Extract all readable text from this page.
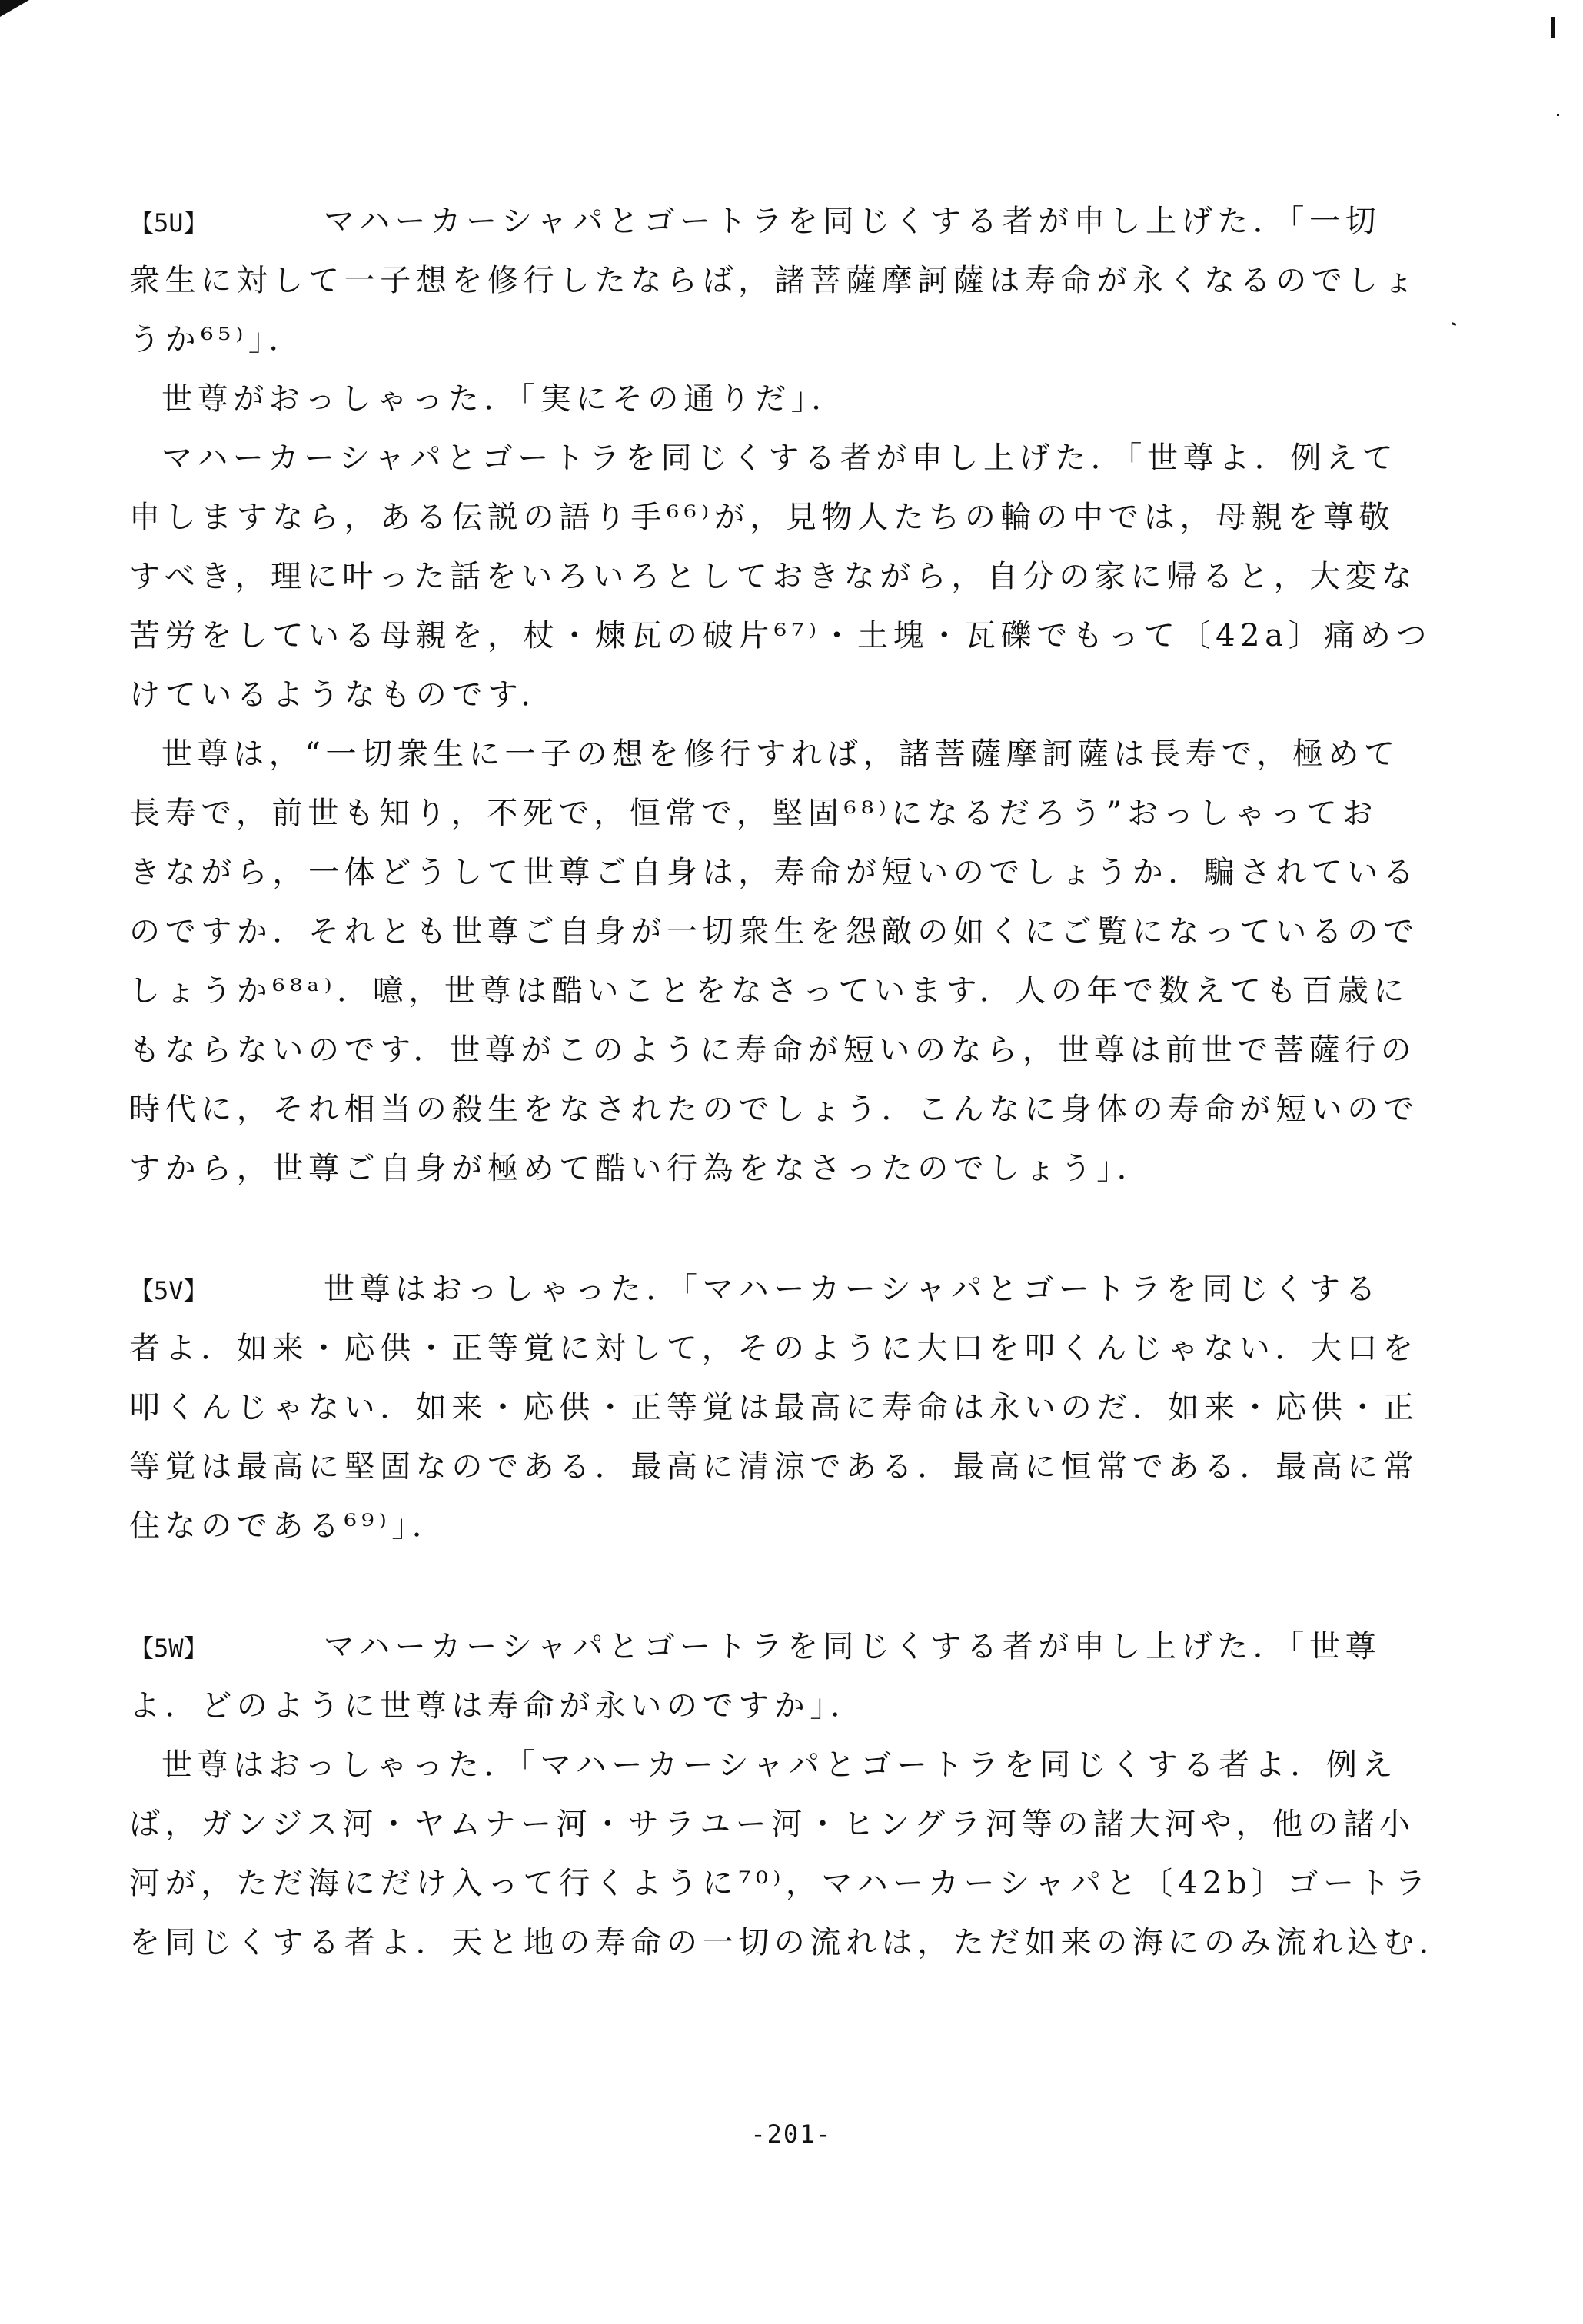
【5U】	マハーカーシャパとゴートラを同じくする者が申し上げた．「一切
衆生に対して一子想を修行したならば，諸菩薩摩訶薩は寿命が永くなるのでしょ
うか⁶⁵⁾」．
世尊がおっしゃった．「実にその通りだ」．
マハーカーシャパとゴートラを同じくする者が申し上げた．「世尊よ．例えて
申しますなら，ある伝説の語り手⁶⁶⁾が，見物人たちの輪の中では，母親を尊敬
すべき，理に叶った話をいろいろとしておきながら，自分の家に帰ると，大変な
苦労をしている母親を，杖・煉瓦の破片⁶⁷⁾・土塊・瓦礫でもって〔42a〕痛めつ
けているようなものです．
世尊は，“一切衆生に一子の想を修行すれば，諸菩薩摩訶薩は長寿で，極めて
長寿で，前世も知り，不死で，恒常で，堅固⁶⁸⁾になるだろう”おっしゃってお
きながら，一体どうして世尊ご自身は，寿命が短いのでしょうか．騙されている
のですか．それとも世尊ご自身が一切衆生を怨敵の如くにご覧になっているので
しょうか⁶⁸ᵃ⁾．噫，世尊は酷いことをなさっています．人の年で数えても百歳に
もならないのです．世尊がこのように寿命が短いのなら，世尊は前世で菩薩行の
時代に，それ相当の殺生をなされたのでしょう．こんなに身体の寿命が短いので
すから，世尊ご自身が極めて酷い行為をなさったのでしょう」．
【5V】	世尊はおっしゃった．「マハーカーシャパとゴートラを同じくする
者よ．如来・応供・正等覚に対して，そのように大口を叩くんじゃない．大口を
叩くんじゃない．如来・応供・正等覚は最高に寿命は永いのだ．如来・応供・正
等覚は最高に堅固なのである．最高に清涼である．最高に恒常である．最高に常
住なのである⁶⁹⁾」．
【5W】	マハーカーシャパとゴートラを同じくする者が申し上げた．「世尊
よ．どのように世尊は寿命が永いのですか」．
世尊はおっしゃった．「マハーカーシャパとゴートラを同じくする者よ．例え
ば，ガンジス河・ヤムナー河・サラユー河・ヒングラ河等の諸大河や，他の諸小
河が，ただ海にだけ入って行くように⁷⁰⁾，マハーカーシャパと〔42b〕ゴートラ
を同じくする者よ．天と地の寿命の一切の流れは，ただ如来の海にのみ流れ込む．
-201-
